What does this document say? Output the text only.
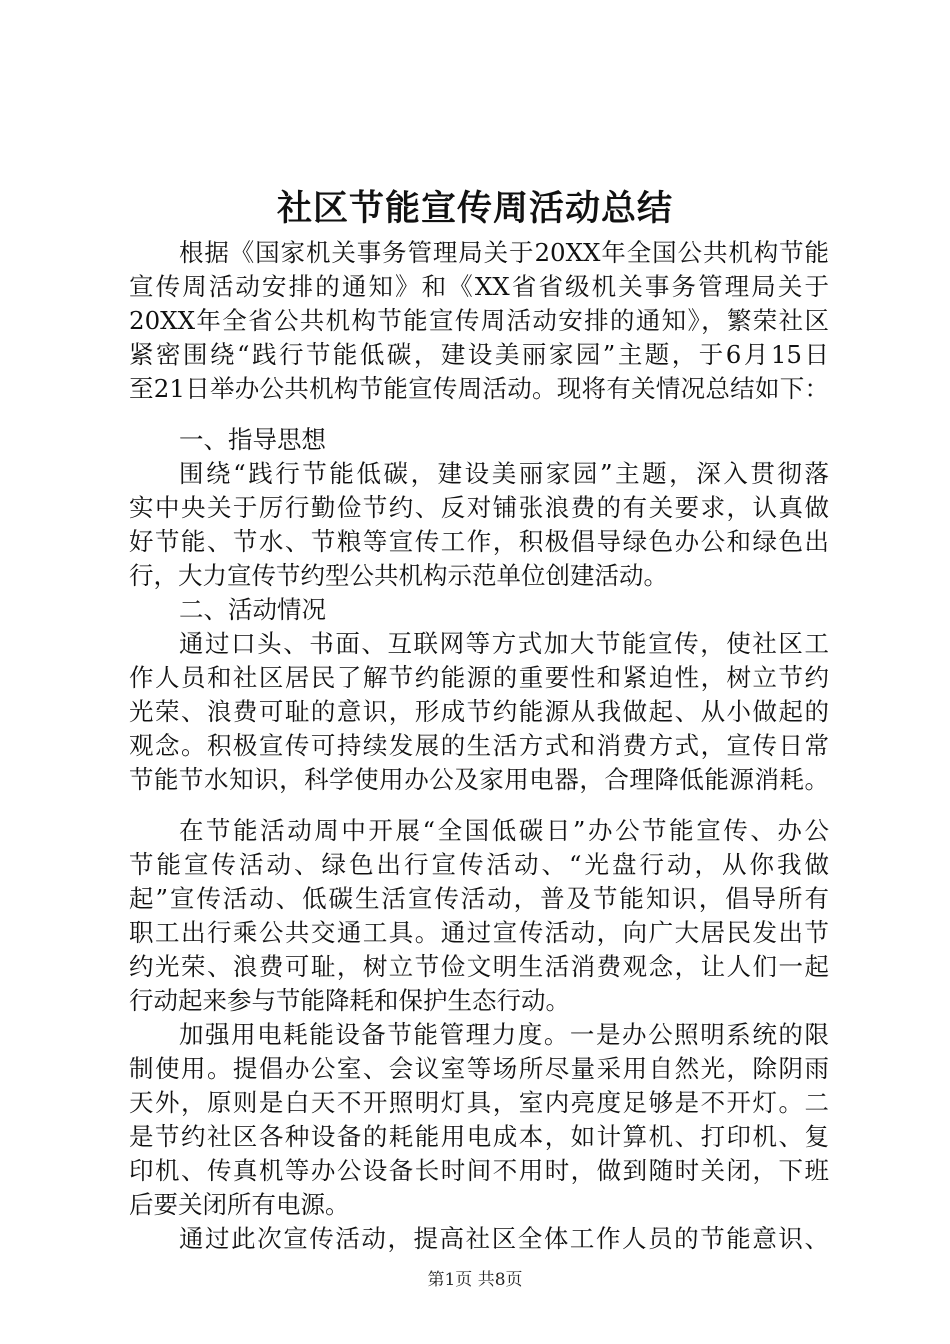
社区节能宣传周活动总结
根据《国家机关事务管理局关于20XX年全国公共机构节能
宣传周活动安排的通知》和《XX省省级机关事务管理局关于
20XX年全省公共机构节能宣传周活动安排的通知》，繁荣社区
紧密围绕“践行节能低碳，建设美丽家园”主题，于6月15日
至21日举办公共机构节能宣传周活动。现将有关情况总结如下：
一、指导思想
围绕“践行节能低碳，建设美丽家园”主题，深入贯彻落
实中央关于厉行勤俭节约、反对铺张浪费的有关要求，认真做
好节能、节水、节粮等宣传工作，积极倡导绿色办公和绿色出
行，大力宣传节约型公共机构示范单位创建活动。
二、活动情况
通过口头、书面、互联网等方式加大节能宣传，使社区工
作人员和社区居民了解节约能源的重要性和紧迫性，树立节约
光荣、浪费可耻的意识，形成节约能源从我做起、从小做起的
观念。积极宣传可持续发展的生活方式和消费方式，宣传日常
节能节水知识，科学使用办公及家用电器，合理降低能源消耗。
在节能活动周中开展“全国低碳日”办公节能宣传、办公
节能宣传活动、绿色出行宣传活动、“光盘行动，从你我做
起”宣传活动、低碳生活宣传活动，普及节能知识，倡导所有
职工出行乘公共交通工具。通过宣传活动，向广大居民发出节
约光荣、浪费可耻，树立节俭文明生活消费观念，让人们一起
行动起来参与节能降耗和保护生态行动。
加强用电耗能设备节能管理力度。一是办公照明系统的限
制使用。提倡办公室、会议室等场所尽量采用自然光，除阴雨
天外，原则是白天不开照明灯具，室内亮度足够是不开灯。二
是节约社区各种设备的耗能用电成本，如计算机、打印机、复
印机、传真机等办公设备长时间不用时，做到随时关闭，下班
后要关闭所有电源。
通过此次宣传活动，提高社区全体工作人员的节能意识、
第1页 共8页
